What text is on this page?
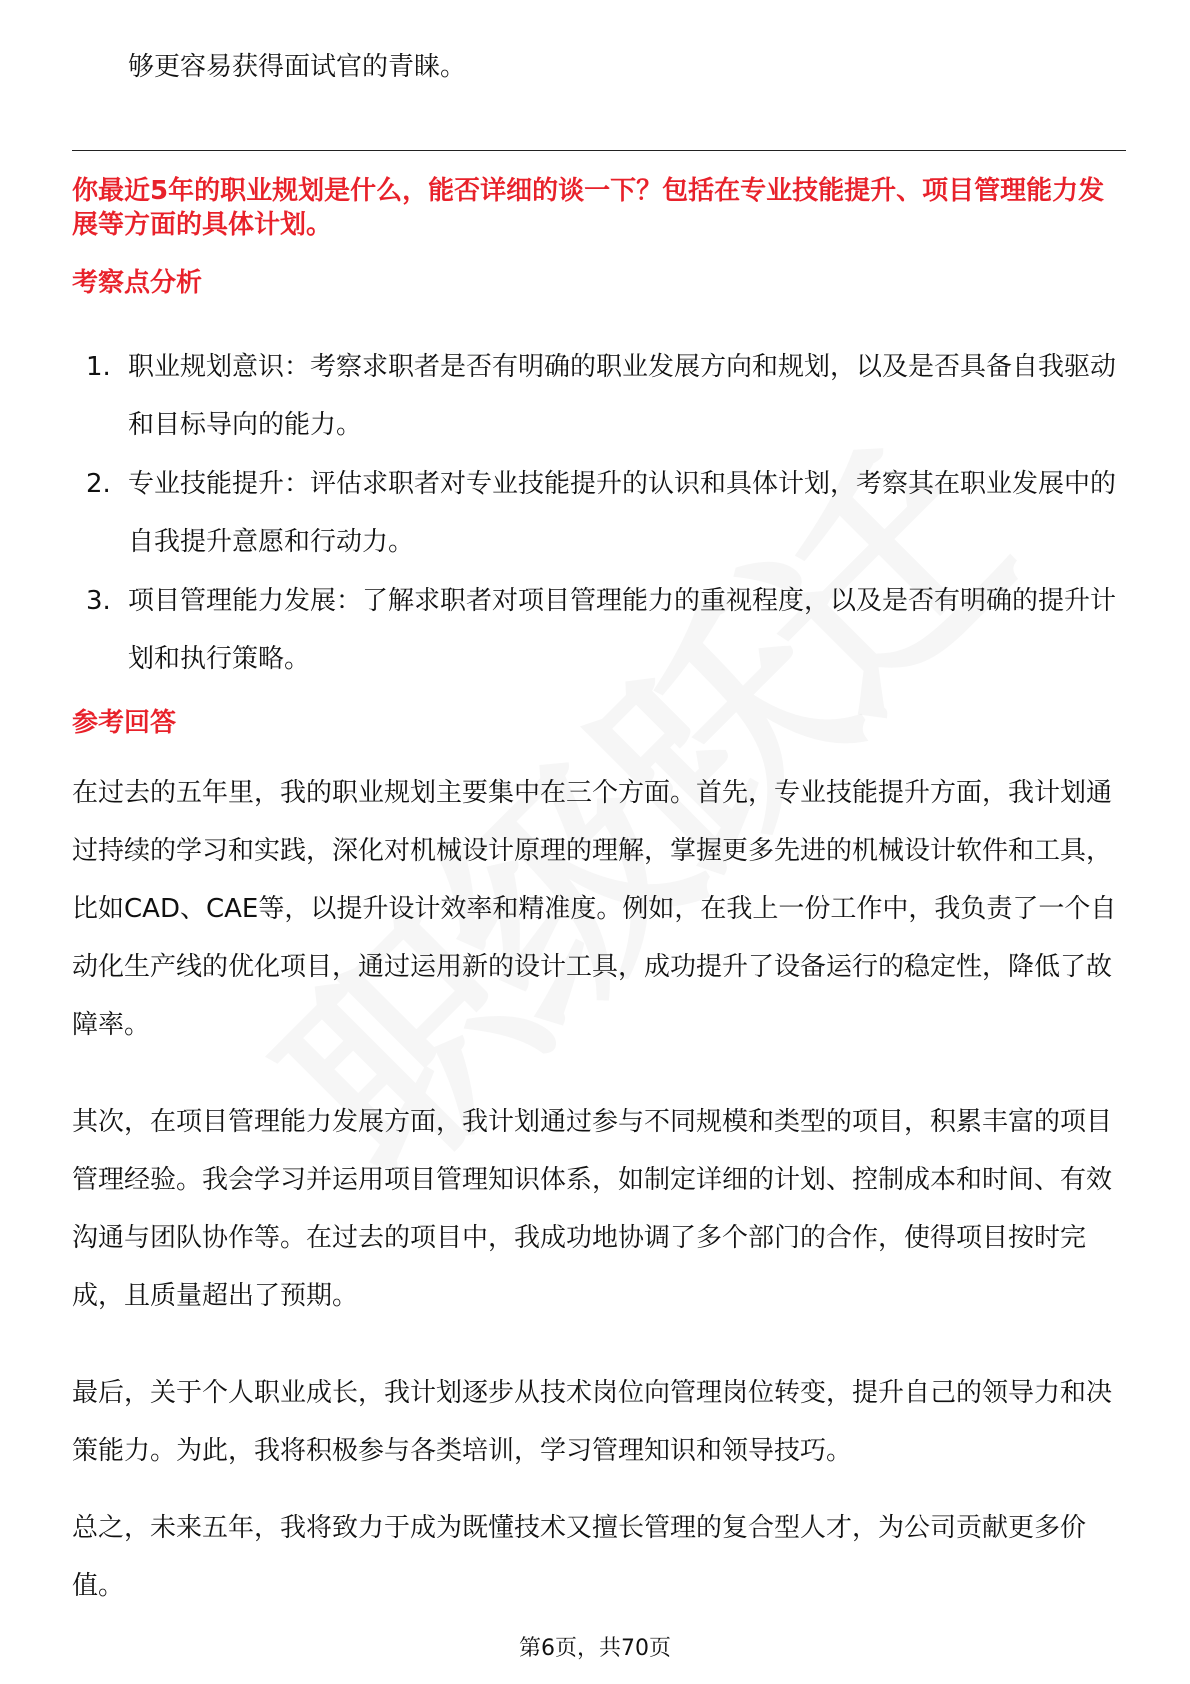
够更容易获得面试官的青睐。

你最近5年的职业规划是什么，能否详细的谈一下？包括在专业技能提升、项目管理能力发展等方面的具体计划。

考察点分析

1. 职业规划意识：考察求职者是否有明确的职业发展方向和规划，以及是否具备自我驱动和目标导向的能力。
2. 专业技能提升：评估求职者对专业技能提升的认识和具体计划，考察其在职业发展中的自我提升意愿和行动力。
3. 项目管理能力发展：了解求职者对项目管理能力的重视程度，以及是否有明确的提升计划和执行策略。

参考回答

在过去的五年里，我的职业规划主要集中在三个方面。首先，专业技能提升方面，我计划通过持续的学习和实践，深化对机械设计原理的理解，掌握更多先进的机械设计软件和工具，比如CAD、CAE等，以提升设计效率和精准度。例如，在我上一份工作中，我负责了一个自动化生产线的优化项目，通过运用新的设计工具，成功提升了设备运行的稳定性，降低了故障率。

其次，在项目管理能力发展方面，我计划通过参与不同规模和类型的项目，积累丰富的项目管理经验。我会学习并运用项目管理知识体系，如制定详细的计划、控制成本和时间、有效沟通与团队协作等。在过去的项目中，我成功地协调了多个部门的合作，使得项目按时完成，且质量超出了预期。

最后，关于个人职业成长，我计划逐步从技术岗位向管理岗位转变，提升自己的领导力和决策能力。为此，我将积极参与各类培训，学习管理知识和领导技巧。

总之，未来五年，我将致力于成为既懂技术又擅长管理的复合型人才，为公司贡献更多价值。

第6页，共70页
